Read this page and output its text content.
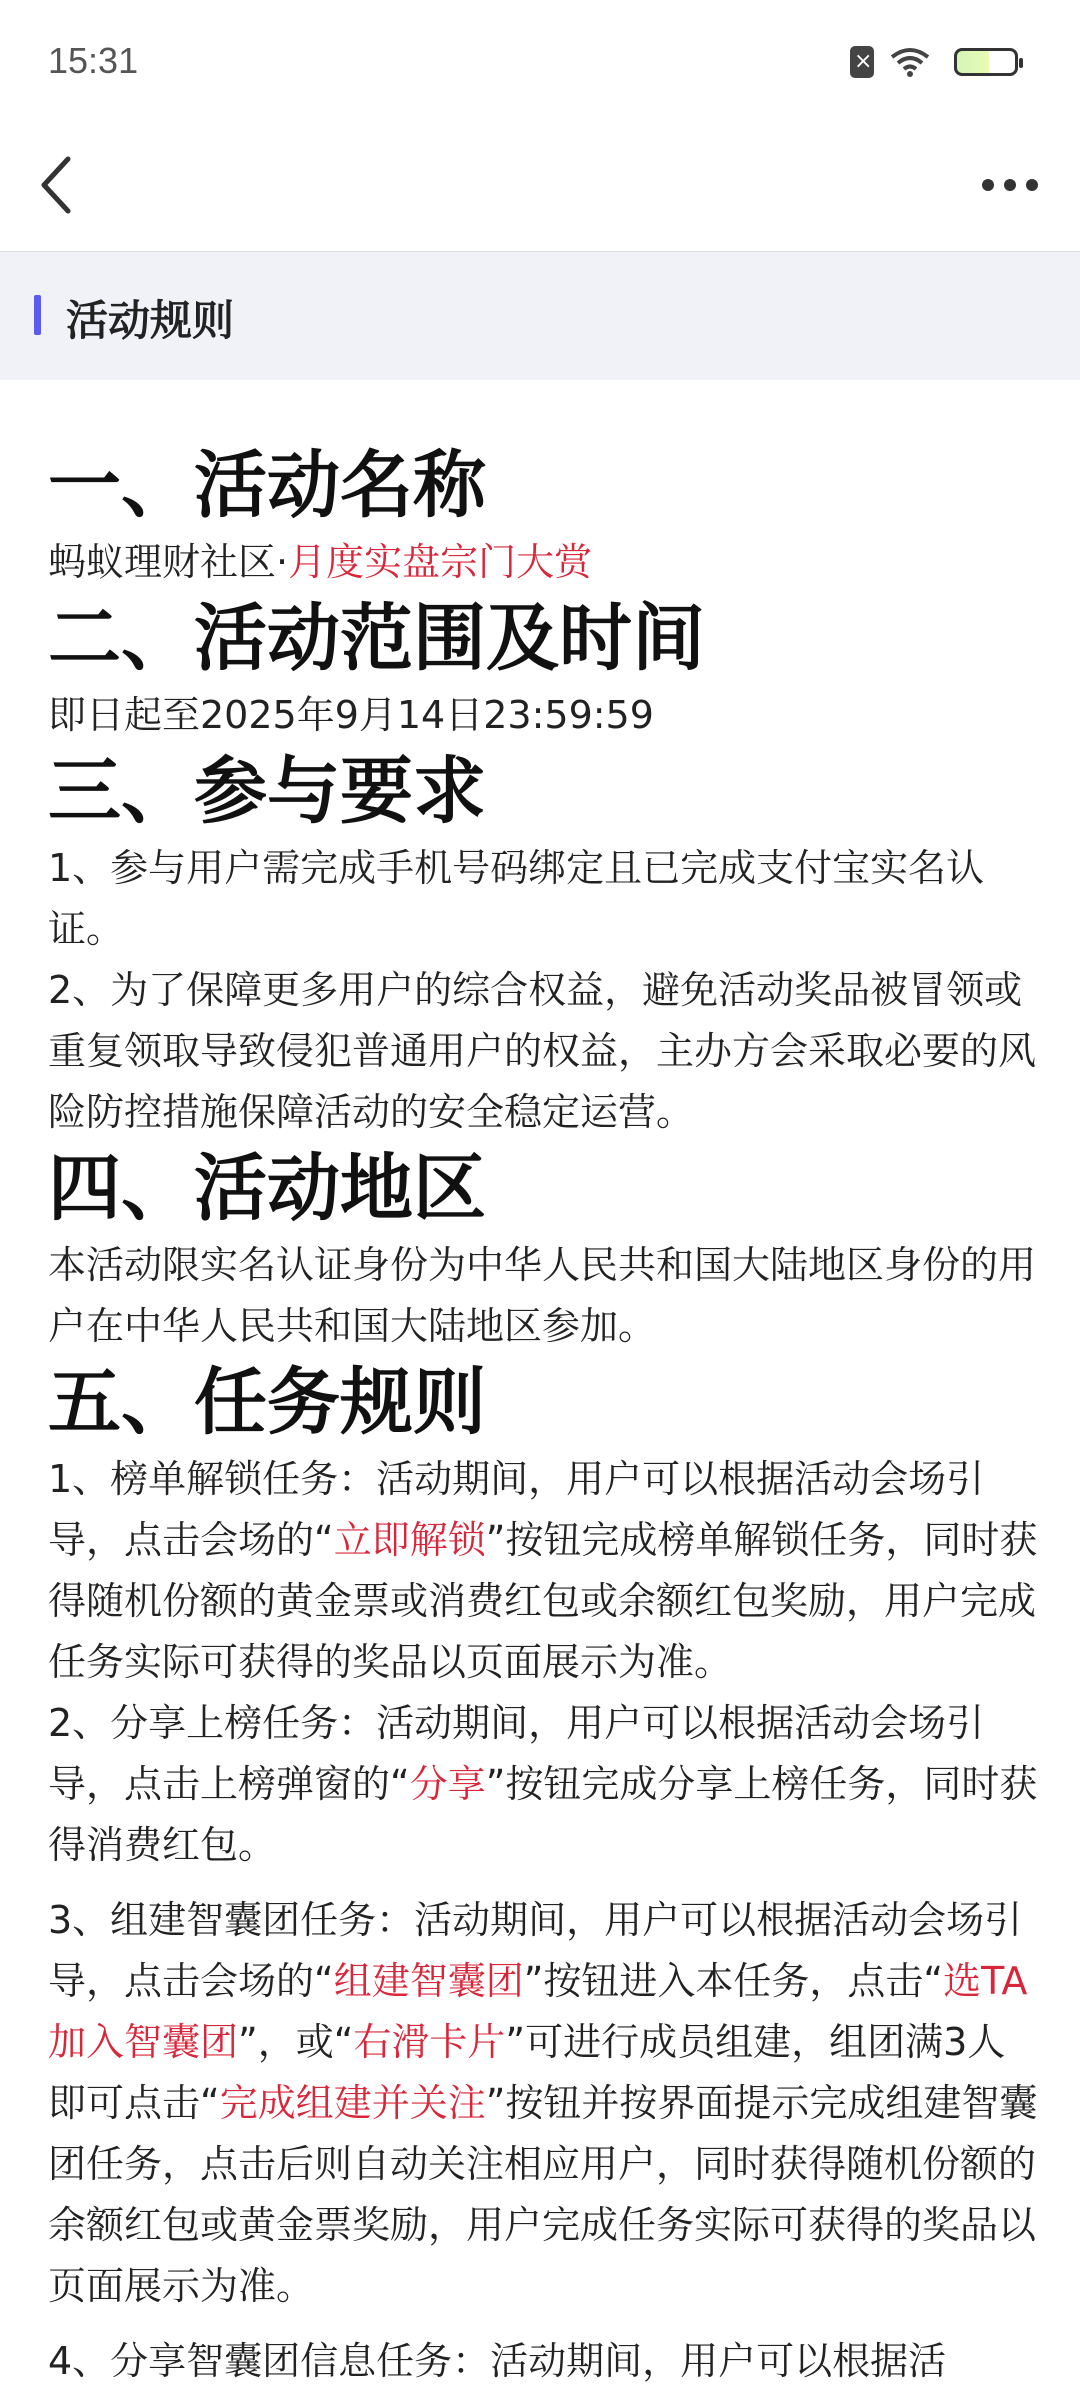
15:31
×
活动规则
一、活动名称

蚂蚁理财社区·月度实盘宗门大赏

二、活动范围及时间

即日起至2025年9月14日23:59:59

三、参与要求

1、参与用户需完成手机号码绑定且已完成支付宝实名认证。

2、为了保障更多用户的综合权益，避免活动奖品被冒领或重复领取导致侵犯普通用户的权益，主办方会采取必要的风险防控措施保障活动的安全稳定运营。

四、活动地区

本活动限实名认证身份为中华人民共和国大陆地区身份的用户在中华人民共和国大陆地区参加。

五、任务规则

1、榜单解锁任务：活动期间，用户可以根据活动会场引导，点击会场的“立即解锁”按钮完成榜单解锁任务，同时获得随机份额的黄金票或消费红包或余额红包奖励，用户完成任务实际可获得的奖品以页面展示为准。

2、分享上榜任务：活动期间，用户可以根据活动会场引导，点击上榜弹窗的“分享”按钮完成分享上榜任务，同时获得消费红包。

3、组建智囊团任务：活动期间，用户可以根据活动会场引导，点击会场的“组建智囊团”按钮进入本任务，点击“选TA加入智囊团”，或“右滑卡片”可进行成员组建，组团满3人即可点击“完成组建并关注”按钮并按界面提示完成组建智囊团任务，点击后则自动关注相应用户，同时获得随机份额的余额红包或黄金票奖励，用户完成任务实际可获得的奖品以页面展示为准。

4、分享智囊团信息任务：活动期间，用户可以根据活
